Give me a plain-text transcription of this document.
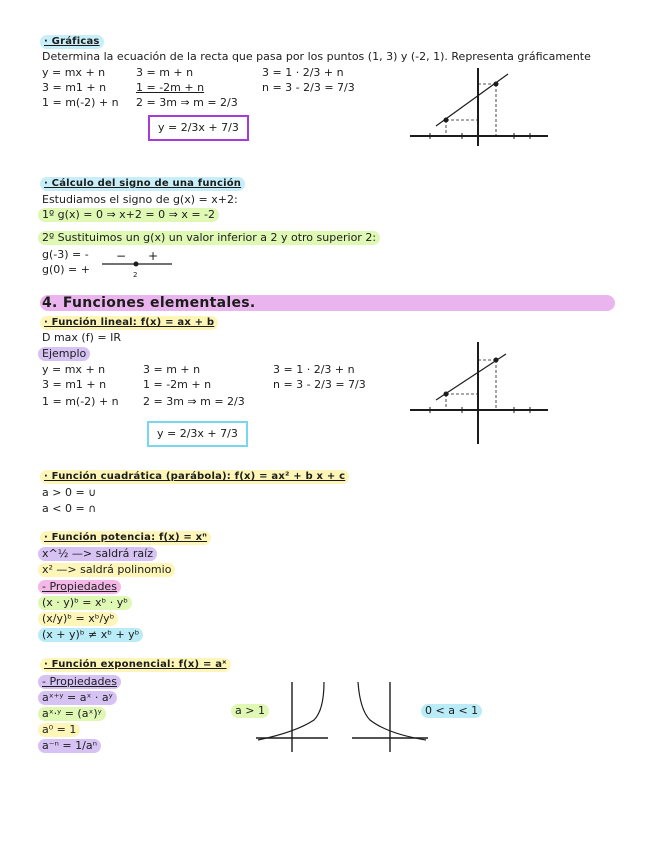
· Gráficas
Determina la ecuación de la recta que pasa por los puntos (1, 3) y (-2, 1). Representa gráficamente
y = mx + n
3 = m1 + n
1 = m(-2) + n
3 = m + n
1 = -2m + n
2 = 3m ⇒ m = 2/3
3 = 1 · 2/3 + n
n = 3 - 2/3 = 7/3
y = 2/3x + 7/3
· Cálculo del signo de una función
Estudiamos el signo de g(x) = x+2:
1º g(x) = 0 ⇒ x+2 = 0 ⇒ x = -2
2º Sustituimos un g(x) un valor inferior a 2 y otro superior 2:
g(-3) = -
g(0) = +
− +
2
4. Funciones elementales.
· Función lineal: f(x) = ax + b
D max (f) = IR
Ejemplo
y = mx + n
3 = m1 + n
1 = m(-2) + n
3 = m + n
1 = -2m + n
2 = 3m ⇒ m = 2/3
3 = 1 · 2/3 + n
n = 3 - 2/3 = 7/3
y = 2/3x + 7/3
· Función cuadrática (parábola): f(x) = ax² + b x + c
a > 0 = ∪
a < 0 = ∩
· Función potencia: f(x) = xⁿ
x^½ —> saldrá raíz
x² —> saldrá polinomio
- Propiedades
(x · y)ᵇ = xᵇ · yᵇ
(x/y)ᵇ = xᵇ/yᵇ
(x + y)ᵇ ≠ xᵇ + yᵇ
· Función exponencial: f(x) = aˣ
- Propiedades
aˣ⁺ʸ = aˣ · aʸ
aˣ·ʸ = (aˣ)ʸ
a⁰ = 1
a⁻ⁿ = 1/aⁿ
a > 1	0 < a < 1
